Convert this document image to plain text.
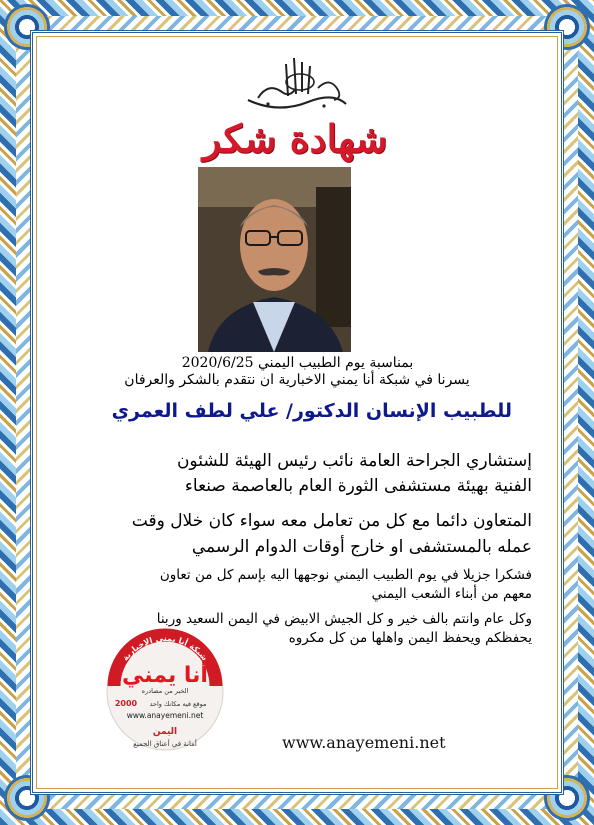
شهادة شكر
بمناسبة يوم الطبيب اليمني 2020/6/25
يسرنا في شبكة أنا يمني الاخبارية ان نتقدم بالشكر والعرفان
للطبيب الإنسان الدكتور/ علي لطف العمري
إستشاري الجراحة العامة نائب رئيس الهيئة للشئون
الفنية بهيئة مستشفى الثورة العام بالعاصمة صنعاء
المتعاون دائما مع كل من تعامل معه سواء كان خلال وقت
عمله بالمستشفى او خارج أوقات الدوام الرسمي
فشكرا جزيلا في يوم الطبيب اليمني نوجهها اليه بإسم كل من تعاون
معهم من أبناء الشعب اليمني
وكل عام وانتم بالف خير و كل الجيش الابيض في اليمن السعيد وربنا
يحفظكم ويحفظ اليمن واهلها من كل مكروه
شبكة أنا يمني الإخبارية
أنا يمني
الخبر من مصادره
2000 موقع فيه مكانك واحد
www.anayemeni.net
اليمن
أمانة في أعناق الجميع	www.anayemeni.net
